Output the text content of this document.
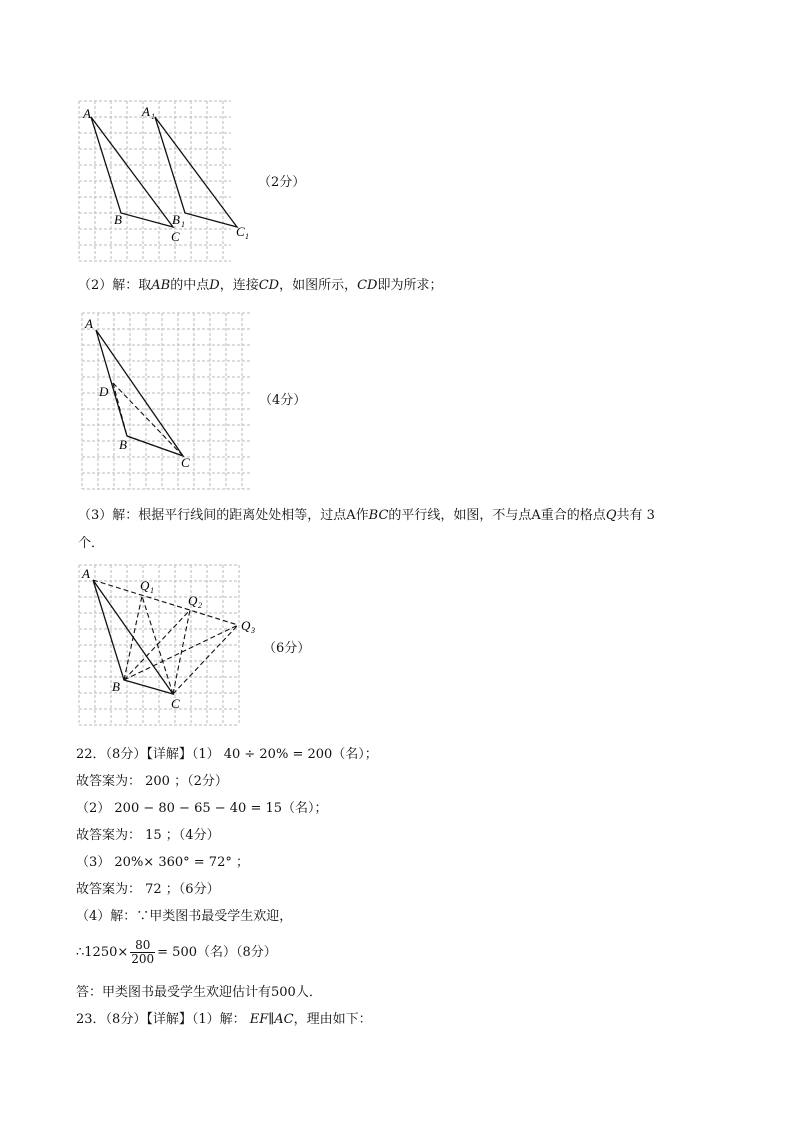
A	A 1
B	B 1
C	C 1
（2分）
（2）解：取AB的中点D，连接CD，如图所示，CD即为所求；
A
D
B
C
（4分）
（3）解：根据平行线间的距离处处相等，过点A作BC的平行线，如图，不与点A重合的格点Q共有 3
个．
A
Q 1
Q 2
Q 3
B
C
（6分）
22．（8分）【详解】（1） 40 ÷ 20% = 200（名）；
故答案为： 200 ；（2分）
（2） 200 − 80 − 65 − 40 = 15（名）；
故答案为： 15 ；（4分）
（3） 20%× 360° = 72° ；
故答案为： 72 ；（6分）
（4）解：∵甲类图书最受学生欢迎，
∴1250× $\frac{80}{200} = 500$（名）（8分）
答：甲类图书最受学生欢迎估计有500人．
23．（8分）【详解】（1）解： EF∥AC，理由如下：
